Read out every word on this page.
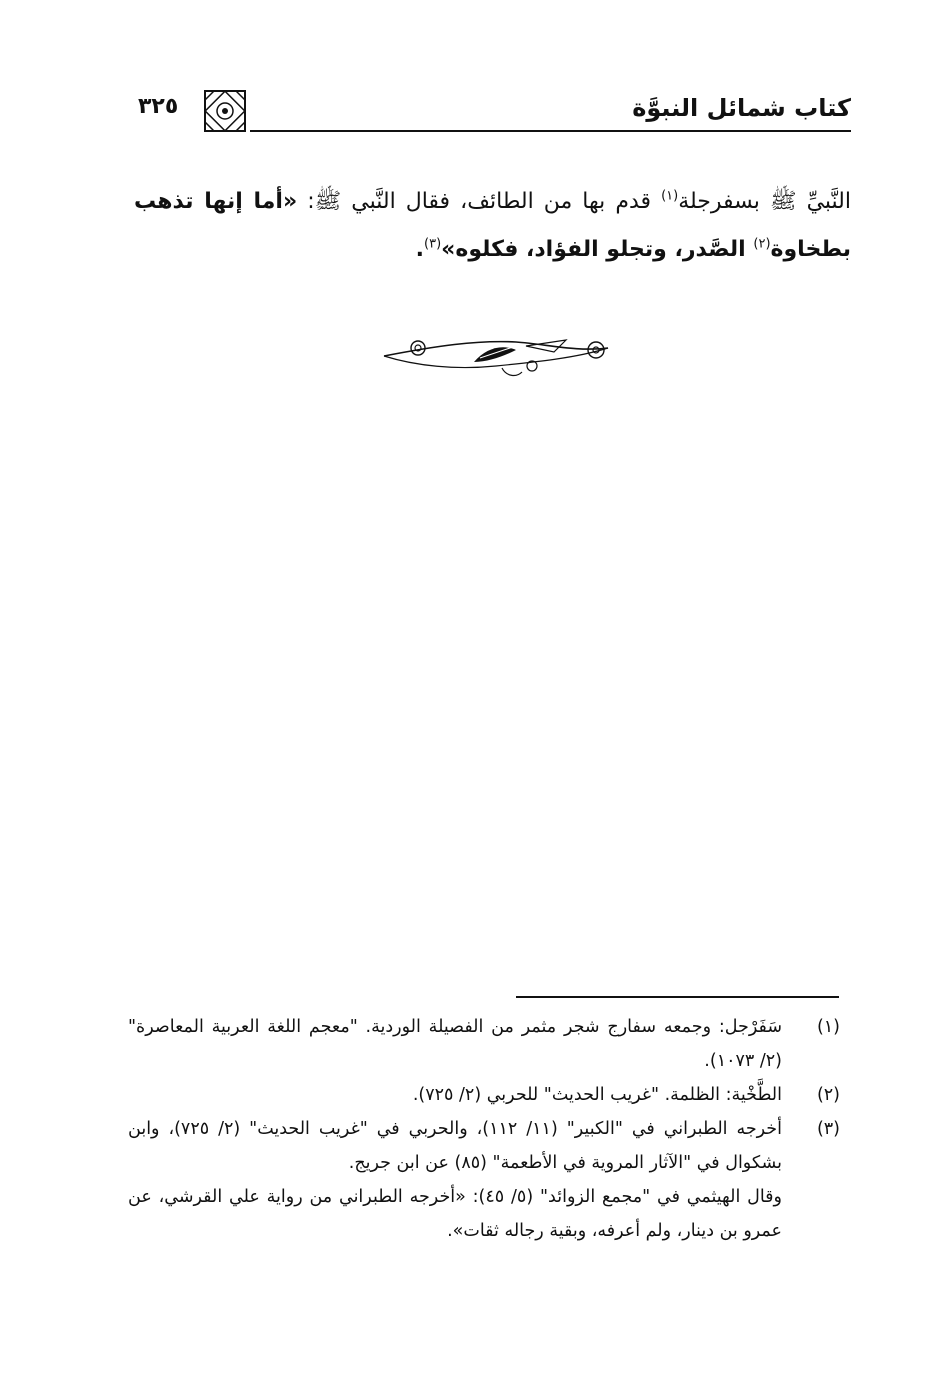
كتاب شمائل النبوَّة
٣٢٥
النَّبيِّ ﷺ بسفرجلة$^{(١)}$ قدم بها من الطائف، فقال النَّبي ﷺ: «أما إنها تذهب بطخاوة$^{(٢)}$ الصَّدر، وتجلو الفؤاد، فكلوه»$^{(٣)}$.
(١)
سَفَرْجل: وجمعه سفارج شجر مثمر من الفصيلة الوردية. "معجم اللغة العربية المعاصرة" (٢/ ١٠٧٣).
(٢)
الطَّخْية: الظلمة. "غريب الحديث" للحربي (٢/ ٧٢٥).
(٣)
أخرجه الطبراني في "الكبير" (١١/ ١١٢)، والحربي في "غريب الحديث" (٢/ ٧٢٥)، وابن بشكوال في "الآثار المروية في الأطعمة" (٨٥) عن ابن جريج.
وقال الهيثمي في "مجمع الزوائد" (٥/ ٤٥): «أخرجه الطبراني من رواية علي القرشي، عن عمرو بن دينار، ولم أعرفه، وبقية رجاله ثقات».
